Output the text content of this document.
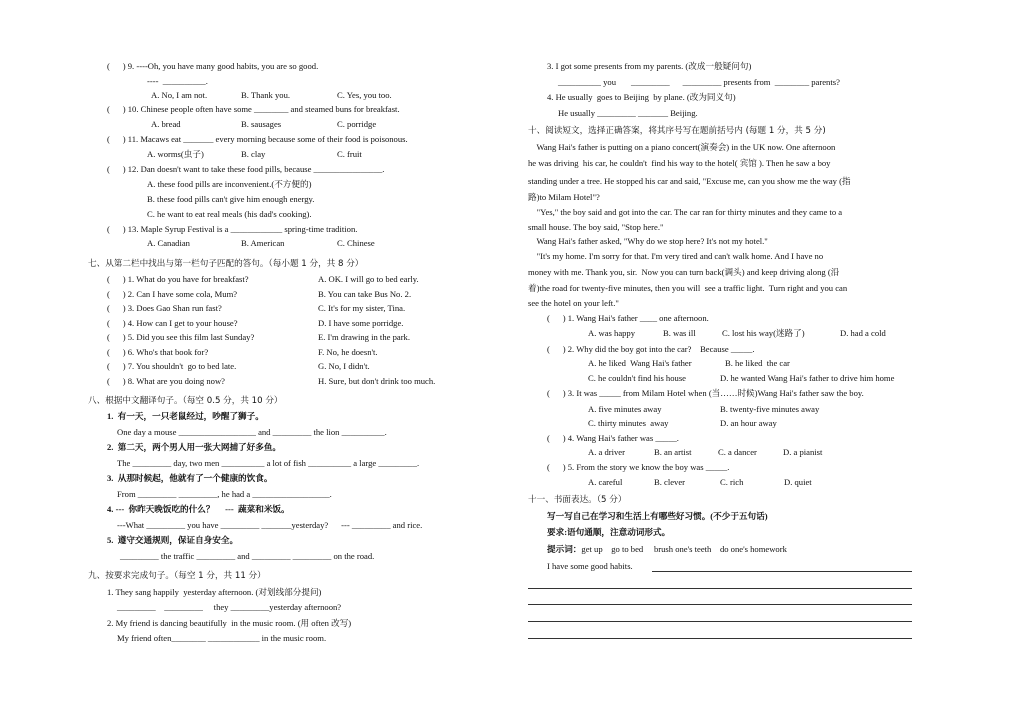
(      ) 9. ----Oh, you have many good habits, you are so good.
----  __________.
A. No, I am not.	B. Thank you.	C. Yes, you too.
(      ) 10. Chinese people often have some ________ and steamed buns for breakfast.
A. bread	B. sausages	C. porridge
(      ) 11. Macaws eat _______ every morning because some of their food is poisonous.
A. worms(虫子)	B. clay	C. fruit
(      ) 12. Dan doesn't want to take these food pills, because ________________.
A. these food pills are inconvenient.(不方便的)
B. these food pills can't give him enough energy.
C. he want to eat real meals (his dad's cooking).
(      ) 13. Maple Syrup Festival is a ____________ spring-time tradition.
A. Canadian	B. American	C. Chinese
七、从第二栏中找出与第一栏句子匹配的答句。（每小题 1 分，共 8 分）
(      ) 1. What do you have for breakfast?	A. OK. I will go to bed early.
(      ) 2. Can I have some cola, Mum?	B. You can take Bus No. 2.
(      ) 3. Does Gao Shan run fast?	C. It's for my sister, Tina.
(      ) 4. How can I get to your house?	D. I have some porridge.
(      ) 5. Did you see this film last Sunday?	E. I'm drawing in the park.
(      ) 6. Who's that book for?	F. No, he doesn't.
(      ) 7. You shouldn't  go to bed late.	G. No, I didn't.
(      ) 8. What are you doing now?	H. Sure, but don't drink too much.
八、根据中文翻译句子。（每空 0.5 分，共 10 分）
1.  有一天，一只老鼠经过，吵醒了狮子。
One day a mouse __________________ and _________ the lion __________.
2.  第二天，两个男人用一张大网捕了好多鱼。
The _________ day, two men __________ a lot of fish __________ a large _________.
3.  从那时候起，他就有了一个健康的饮食。
From _________ _________, he had a __________________.
4. ---  你昨天晚饭吃的什么？     ---  蔬菜和米饭。
---What _________ you have _________ _______yesterday?      --- _________ and rice.
5.  遵守交通规则，保证自身安全。
_________ the traffic _________ and _________ _________ on the road.
九、按要求完成句子。（每空 1 分，共 11 分）
1. They sang happily  yesterday afternoon. (对划线部分提问)
_________    _________     they _________yesterday afternoon?
2. My friend is dancing beautifully  in the music room. (用 often 改写)
My friend often________ ____________ in the music room.
3. I got some presents from my parents. (改成一般疑问句)
__________ you       _________      _________ presents from  ________ parents?
4. He usually  goes to Beijing  by plane. (改为同义句)
He usually _________ _______ Beijing.
十、阅读短文，选择正确答案，将其序号写在题前括号内 (每题 1 分，共 5 分)
Wang Hai's father is putting on a piano concert(演奏会) in the UK now. One afternoon
he was driving  his car, he couldn't  find his way to the hotel( 宾馆 ). Then he saw a boy
standing under a tree. He stopped his car and said, "Excuse me, can you show me the way (指
路)to Milam Hotel"?
"Yes," the boy said and got into the car. The car ran for thirty minutes and they came to a
small house. The boy said, "Stop here."
Wang Hai's father asked, "Why do we stop here? It's not my hotel."
"It's my home. I'm sorry for that. I'm very tired and can't walk home. And I have no
money with me. Thank you, sir.  Now you can turn back(调头) and keep driving along (沿
着)the road for twenty-five minutes, then you will  see a traffic light.  Turn right and you can
see the hotel on your left."
(      ) 1. Wang Hai's father ____ one afternoon.
A. was happy	B. was ill	C. lost his way(迷路了)	D. had a cold
(      ) 2. Why did the boy got into the car?    Because _____.
A. he liked  Wang Hai's father	B. he liked  the car
C. he couldn't find his house	D. he wanted Wang Hai's father to drive him home
(      ) 3. It was _____ from Milam Hotel when (当……时候)Wang Hai's father saw the boy.
A. five minutes away	B. twenty-five minutes away
C. thirty minutes  away	D. an hour away
(      ) 4. Wang Hai's father was _____.
A. a driver	B. an artist	C. a dancer	D. a pianist
(      ) 5. From the story we know the boy was _____.
A. careful	B. clever	C. rich	D. quiet
十一、书面表达。（5 分）
写一写自己在学习和生活上有哪些好习惯。(不少于五句话)
要求:语句通顺，注意动词形式。
提示词：get up    go to bed     brush one's teeth    do one's homework
I have some good habits.
